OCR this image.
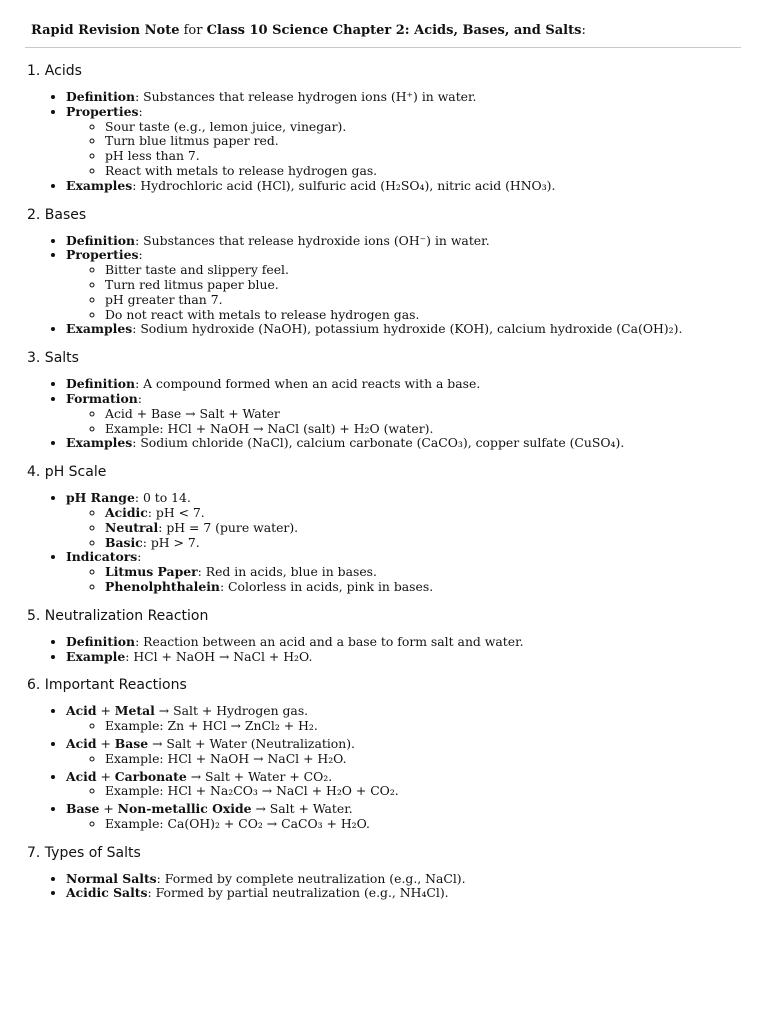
Rapid Revision Note for Class 10 Science Chapter 2: Acids, Bases, and Salts:
1. Acids
• Definition: Substances that release hydrogen ions (H⁺) in water.
• Properties:
◦ Sour taste (e.g., lemon juice, vinegar).
◦ Turn blue litmus paper red.
◦ pH less than 7.
◦ React with metals to release hydrogen gas.
• Examples: Hydrochloric acid (HCl), sulfuric acid (H₂SO₄), nitric acid (HNO₃).
2. Bases
• Definition: Substances that release hydroxide ions (OH⁻) in water.
• Properties:
◦ Bitter taste and slippery feel.
◦ Turn red litmus paper blue.
◦ pH greater than 7.
◦ Do not react with metals to release hydrogen gas.
• Examples: Sodium hydroxide (NaOH), potassium hydroxide (KOH), calcium hydroxide (Ca(OH)₂).
3. Salts
• Definition: A compound formed when an acid reacts with a base.
• Formation:
◦ Acid + Base → Salt + Water
◦ Example: HCl + NaOH → NaCl (salt) + H₂O (water).
• Examples: Sodium chloride (NaCl), calcium carbonate (CaCO₃), copper sulfate (CuSO₄).
4. pH Scale
• pH Range: 0 to 14.
◦ Acidic: pH < 7.
◦ Neutral: pH = 7 (pure water).
◦ Basic: pH > 7.
• Indicators:
◦ Litmus Paper: Red in acids, blue in bases.
◦ Phenolphthalein: Colorless in acids, pink in bases.
5. Neutralization Reaction
• Definition: Reaction between an acid and a base to form salt and water.
• Example: HCl + NaOH → NaCl + H₂O.
6. Important Reactions
• Acid + Metal → Salt + Hydrogen gas.
◦ Example: Zn + HCl → ZnCl₂ + H₂.
• Acid + Base → Salt + Water (Neutralization).
◦ Example: HCl + NaOH → NaCl + H₂O.
• Acid + Carbonate → Salt + Water + CO₂.
◦ Example: HCl + Na₂CO₃ → NaCl + H₂O + CO₂.
• Base + Non-metallic Oxide → Salt + Water.
◦ Example: Ca(OH)₂ + CO₂ → CaCO₃ + H₂O.
7. Types of Salts
• Normal Salts: Formed by complete neutralization (e.g., NaCl).
• Acidic Salts: Formed by partial neutralization (e.g., NH₄Cl).
